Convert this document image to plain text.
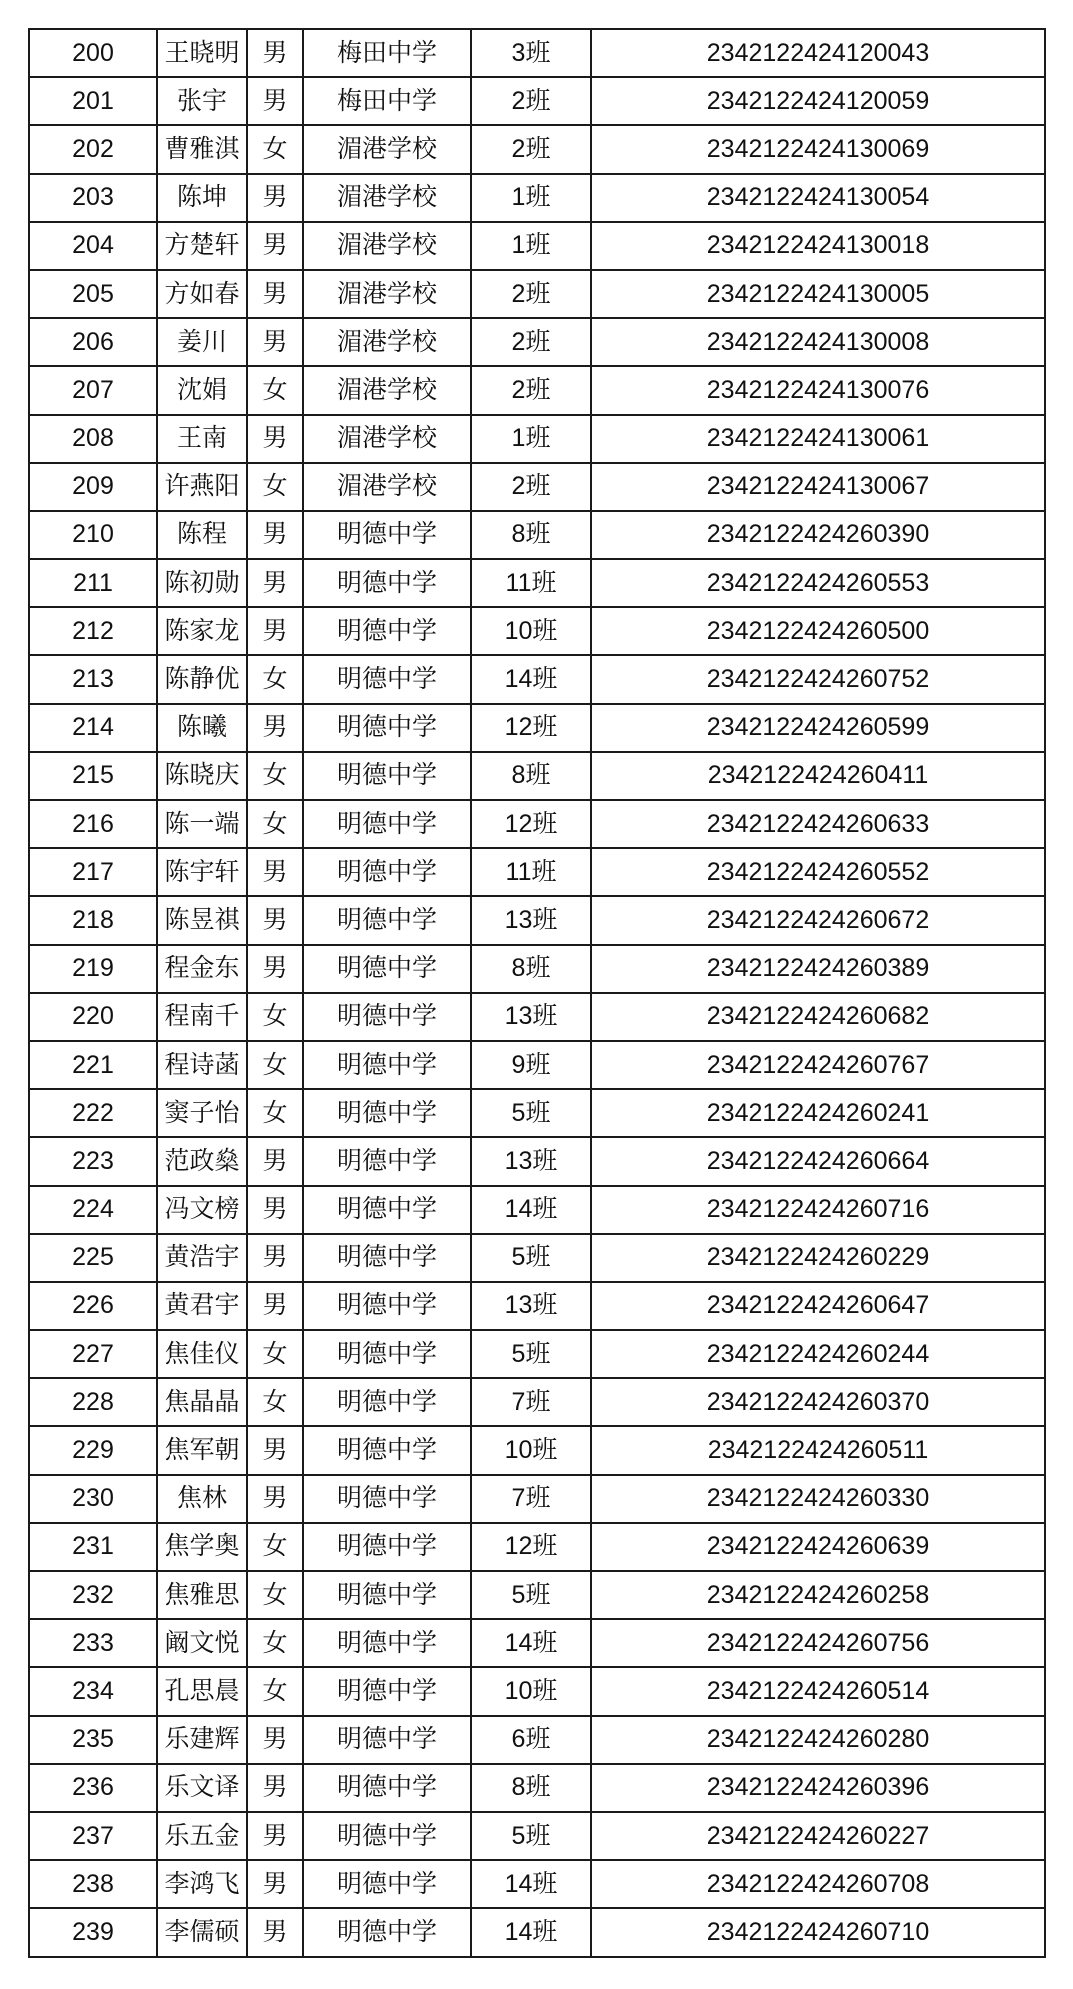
200	王晓明	男	梅田中学	3班	2342122424120043
201	张宇	男	梅田中学	2班	2342122424120059
202	曹雅淇	女	湄港学校	2班	2342122424130069
203	陈坤	男	湄港学校	1班	2342122424130054
204	方楚轩	男	湄港学校	1班	2342122424130018
205	方如春	男	湄港学校	2班	2342122424130005
206	姜川	男	湄港学校	2班	2342122424130008
207	沈娟	女	湄港学校	2班	2342122424130076
208	王南	男	湄港学校	1班	2342122424130061
209	许燕阳	女	湄港学校	2班	2342122424130067
210	陈程	男	明德中学	8班	2342122424260390
211	陈初勋	男	明德中学	11班	2342122424260553
212	陈家龙	男	明德中学	10班	2342122424260500
213	陈静优	女	明德中学	14班	2342122424260752
214	陈曦	男	明德中学	12班	2342122424260599
215	陈晓庆	女	明德中学	8班	2342122424260411
216	陈一端	女	明德中学	12班	2342122424260633
217	陈宇轩	男	明德中学	11班	2342122424260552
218	陈昱祺	男	明德中学	13班	2342122424260672
219	程金东	男	明德中学	8班	2342122424260389
220	程南千	女	明德中学	13班	2342122424260682
221	程诗菡	女	明德中学	9班	2342122424260767
222	窦子怡	女	明德中学	5班	2342122424260241
223	范政燊	男	明德中学	13班	2342122424260664
224	冯文榜	男	明德中学	14班	2342122424260716
225	黄浩宇	男	明德中学	5班	2342122424260229
226	黄君宇	男	明德中学	13班	2342122424260647
227	焦佳仪	女	明德中学	5班	2342122424260244
228	焦晶晶	女	明德中学	7班	2342122424260370
229	焦军朝	男	明德中学	10班	2342122424260511
230	焦林	男	明德中学	7班	2342122424260330
231	焦学奥	女	明德中学	12班	2342122424260639
232	焦雅思	女	明德中学	5班	2342122424260258
233	阚文悦	女	明德中学	14班	2342122424260756
234	孔思晨	女	明德中学	10班	2342122424260514
235	乐建辉	男	明德中学	6班	2342122424260280
236	乐文译	男	明德中学	8班	2342122424260396
237	乐五金	男	明德中学	5班	2342122424260227
238	李鸿飞	男	明德中学	14班	2342122424260708
239	李儒硕	男	明德中学	14班	2342122424260710
